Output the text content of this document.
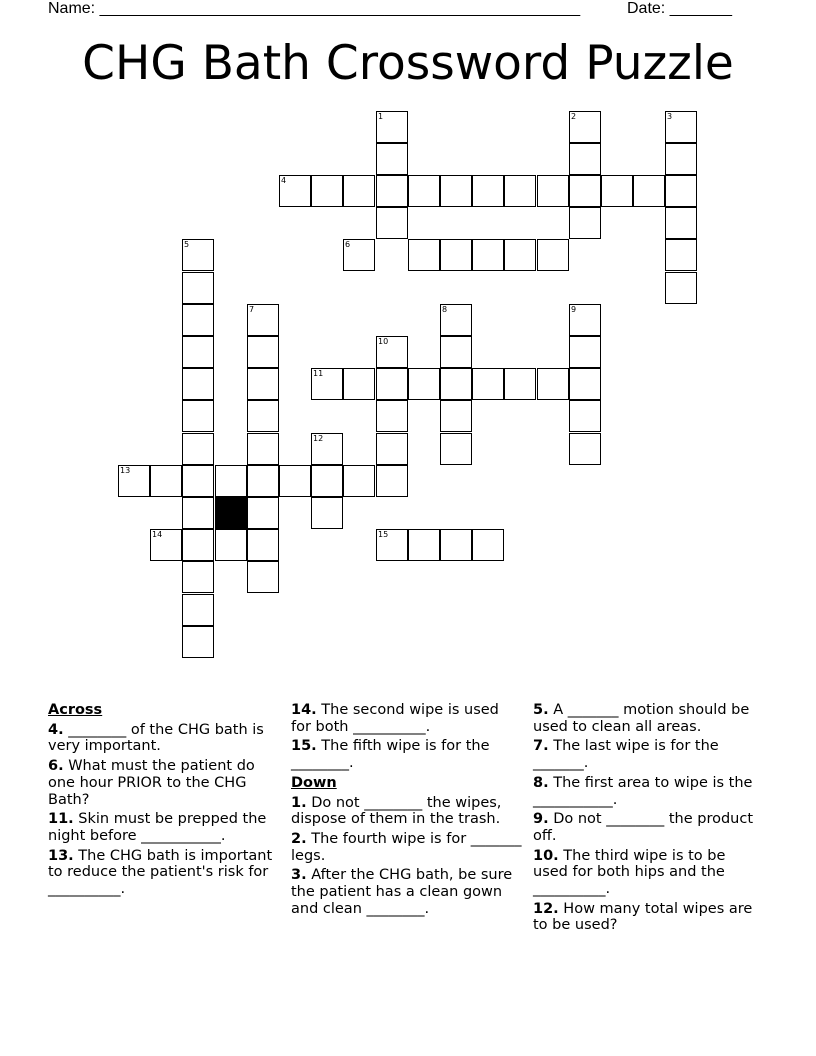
Name: ______________________________________________________	Date: _______
CHG Bath Crossword Puzzle
1	2	3
4
5	6
7	8	9
10
11
12
13
14	15

Across

4. ________ of the CHG bath is very important.

6. What must the patient do one hour PRIOR to the CHG Bath?

11. Skin must be prepped the night before ___________.

13. The CHG bath is important to reduce the patient's risk for __________.

14. The second wipe is used for both __________.

15. The fifth wipe is for the ________.

Down

1. Do not ________ the wipes, dispose of them in the trash.

2. The fourth wipe is for _______ legs.

3. After the CHG bath, be sure the patient has a clean gown and clean ________.

5. A _______ motion should be used to clean all areas.

7. The last wipe is for the _______.

8. The first area to wipe is the ___________.

9. Do not ________ the product off.

10. The third wipe is to be used for both hips and the __________.

12. How many total wipes are to be used?
